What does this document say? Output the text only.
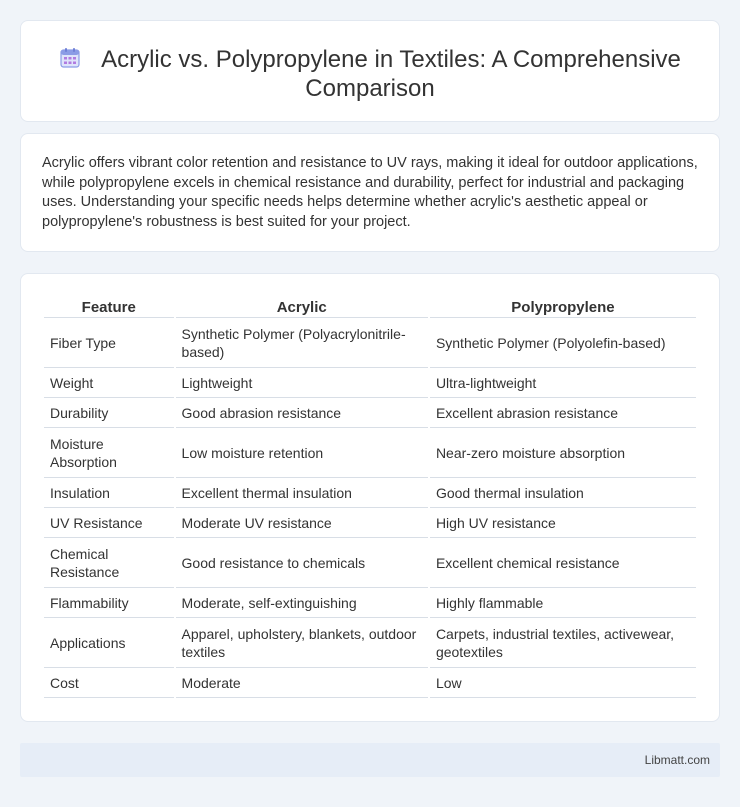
Acrylic vs. Polypropylene in Textiles: A Comprehensive Comparison

Acrylic offers vibrant color retention and resistance to UV rays, making it ideal for outdoor applications, while polypropylene excels in chemical resistance and durability, perfect for industrial and packaging uses. Understanding your specific needs helps determine whether acrylic's aesthetic appeal or polypropylene's robustness is best suited for your project.

Feature	Acrylic	Polypropylene
Fiber Type	Synthetic Polymer (Polyacrylonitrile-based)	Synthetic Polymer (Polyolefin-based)
Weight	Lightweight	Ultra-lightweight
Durability	Good abrasion resistance	Excellent abrasion resistance
Moisture Absorption	Low moisture retention	Near-zero moisture absorption
Insulation	Excellent thermal insulation	Good thermal insulation
UV Resistance	Moderate UV resistance	High UV resistance
Chemical Resistance	Good resistance to chemicals	Excellent chemical resistance
Flammability	Moderate, self-extinguishing	Highly flammable
Applications	Apparel, upholstery, blankets, outdoor textiles	Carpets, industrial textiles, activewear, geotextiles
Cost	Moderate	Low
Libmatt.com
